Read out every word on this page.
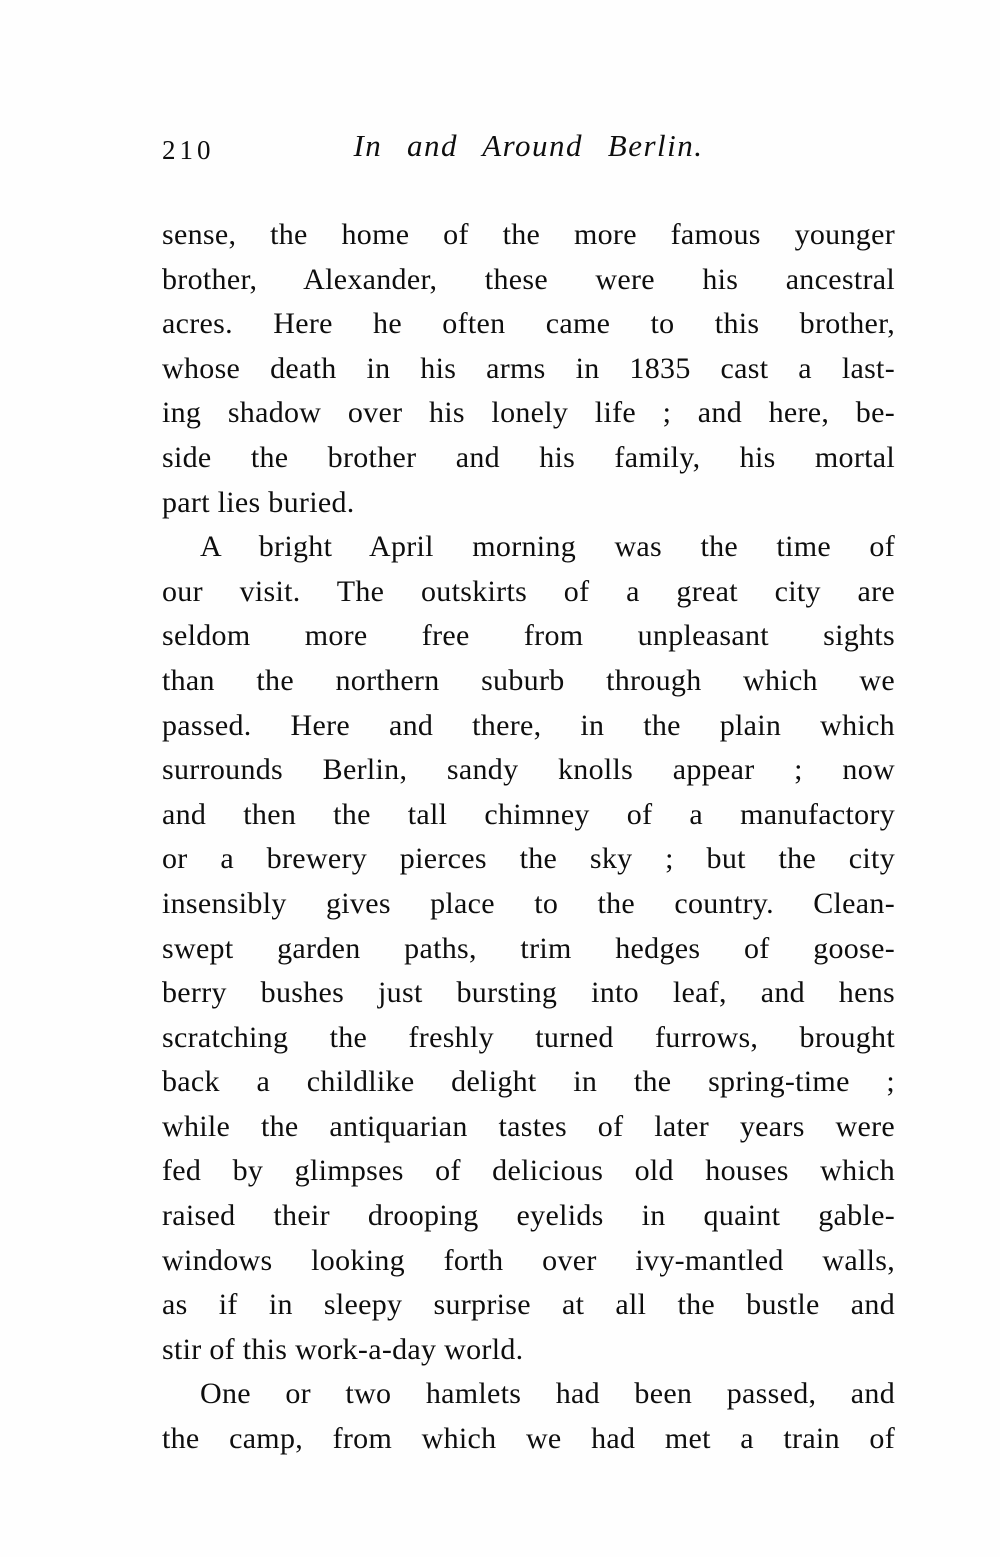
210	In and Around Berlin.
sense, the home of the more famous younger
brother, Alexander, these were his ancestral
acres. Here he often came to this brother,
whose death in his arms in 1835 cast a last-
ing shadow over his lonely life ; and here, be-
side the brother and his family, his mortal
part lies buried.
A bright April morning was the time of
our visit. The outskirts of a great city are
seldom more free from unpleasant sights
than the northern suburb through which we
passed. Here and there, in the plain which
surrounds Berlin, sandy knolls appear ; now
and then the tall chimney of a manufactory
or a brewery pierces the sky ; but the city
insensibly gives place to the country. Clean-
swept garden paths, trim hedges of goose-
berry bushes just bursting into leaf, and hens
scratching the freshly turned furrows, brought
back a childlike delight in the spring-time ;
while the antiquarian tastes of later years were
fed by glimpses of delicious old houses which
raised their drooping eyelids in quaint gable-
windows looking forth over ivy-mantled walls,
as if in sleepy surprise at all the bustle and
stir of this work-a-day world.
One or two hamlets had been passed, and
the camp, from which we had met a train of
